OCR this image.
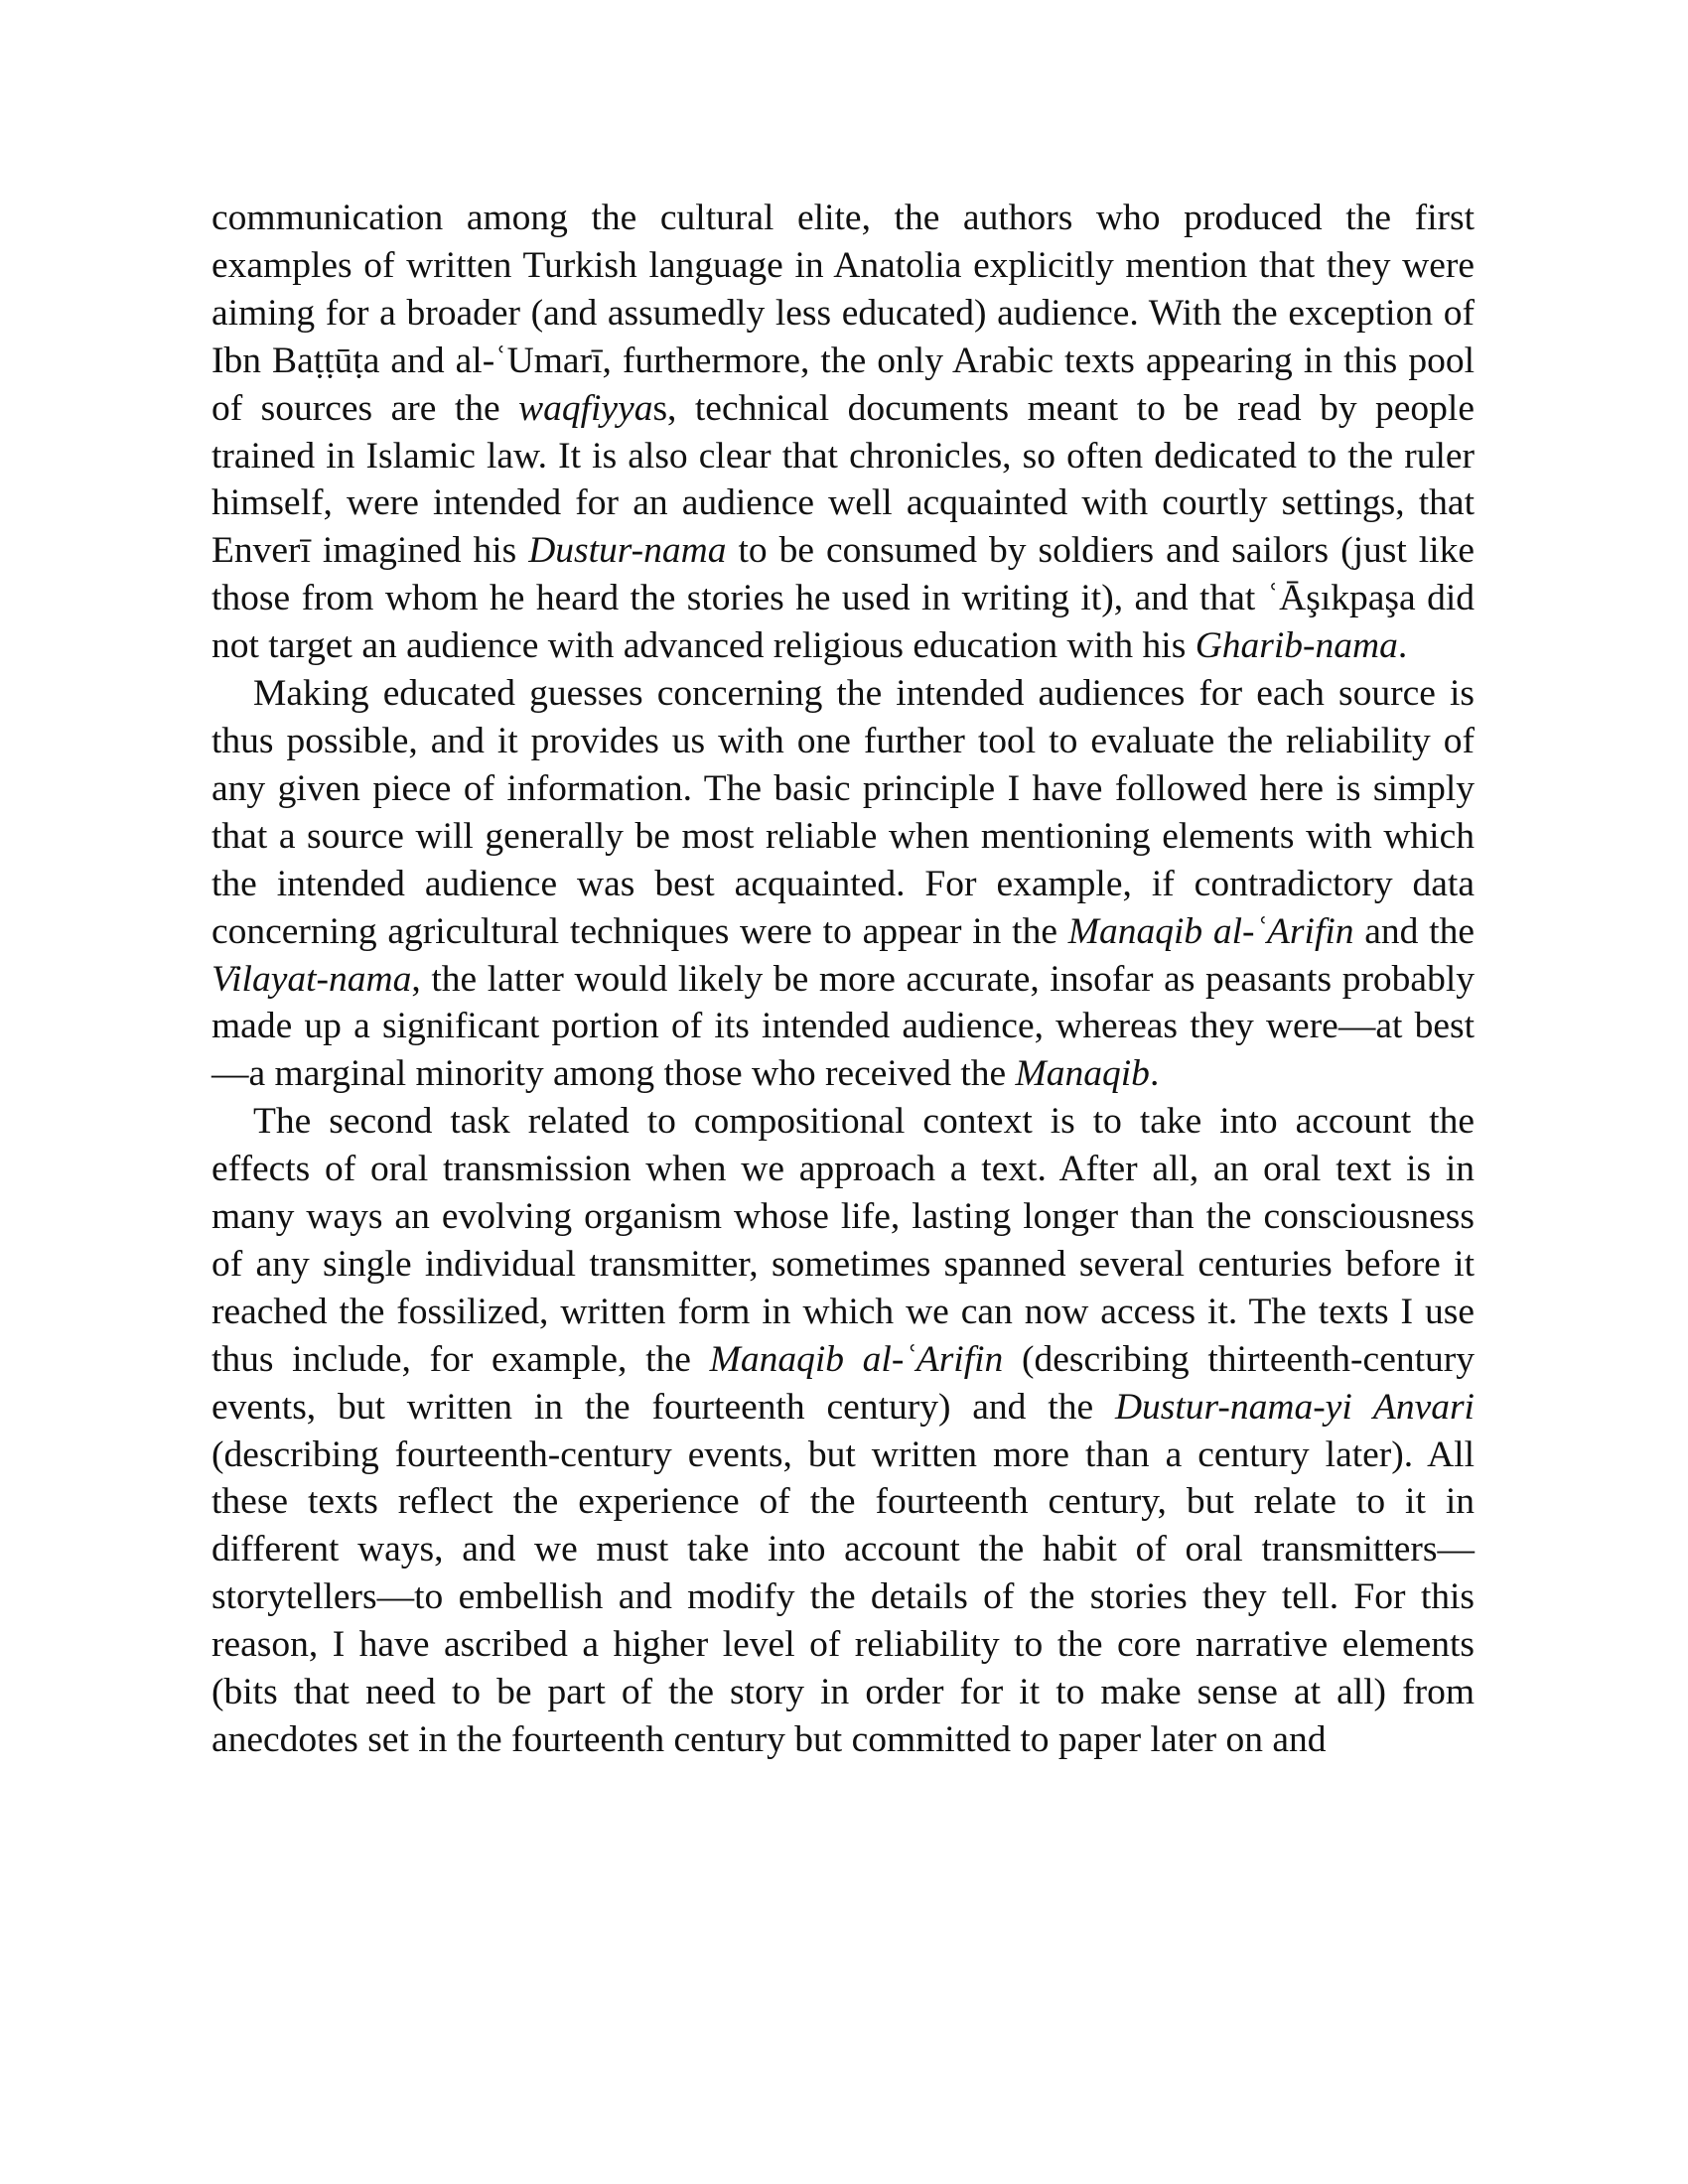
communication among the cultural elite, the authors who produced the first examples of written Turkish language in Anatolia explicitly mention that they were aiming for a broader (and assumedly less educated) audience. With the exception of Ibn Baṭṭūṭa and al-ʿUmarī, furthermore, the only Arabic texts appearing in this pool of sources are the waqfiyyas, technical documents meant to be read by people trained in Islamic law. It is also clear that chronicles, so often dedicated to the ruler himself, were intended for an audience well acquainted with courtly settings, that Enverī imagined his Dustur-nama to be consumed by soldiers and sailors (just like those from whom he heard the stories he used in writing it), and that ʿĀşıkpaşa did not target an audience with advanced religious education with his Gharib-nama.

Making educated guesses concerning the intended audiences for each source is thus possible, and it provides us with one further tool to evaluate the reliability of any given piece of information. The basic principle I have followed here is simply that a source will generally be most reliable when mentioning elements with which the intended audience was best acquainted. For example, if contradictory data concerning agricultural techniques were to appear in the Manaqib al-ʿArifin and the Vilayat-nama, the latter would likely be more accurate, insofar as peasants probably made up a significant portion of its intended audience, whereas they were—at best—a marginal minority among those who received the Manaqib.

The second task related to compositional context is to take into account the effects of oral transmission when we approach a text. After all, an oral text is in many ways an evolving organism whose life, lasting longer than the consciousness of any single individual transmitter, sometimes spanned several centuries before it reached the fossilized, written form in which we can now access it. The texts I use thus include, for example, the Manaqib al-ʿArifin (describing thirteenth-century events, but written in the fourteenth century) and the Dustur-nama-yi Anvari (describing fourteenth-century events, but written more than a century later). All these texts reflect the experience of the fourteenth century, but relate to it in different ways, and we must take into account the habit of oral transmitters—storytellers—to embellish and modify the details of the stories they tell. For this reason, I have ascribed a higher level of reliability to the core narrative elements (bits that need to be part of the story in order for it to make sense at all) from anecdotes set in the fourteenth century but committed to paper later on and
